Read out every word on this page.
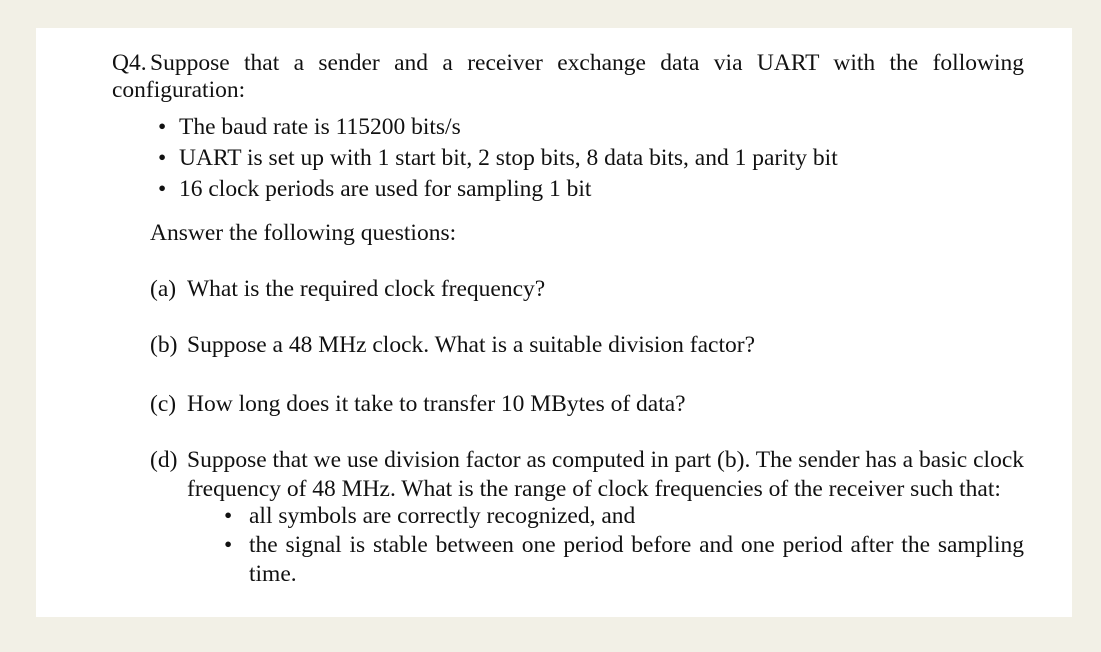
Q4. Suppose that a sender and a receiver exchange data via UART with the following configuration:
• The baud rate is 115200 bits/s
• UART is set up with 1 start bit, 2 stop bits, 8 data bits, and 1 parity bit
• 16 clock periods are used for sampling 1 bit
Answer the following questions:
(a) What is the required clock frequency?
(b) Suppose a 48 MHz clock. What is a suitable division factor?
(c) How long does it take to transfer 10 MBytes of data?
(d) Suppose that we use division factor as computed in part (b). The sender has a basic clock frequency of 48 MHz. What is the range of clock frequencies of the receiver such that:
• all symbols are correctly recognized, and
• the signal is stable between one period before and one period after the sampling time.
